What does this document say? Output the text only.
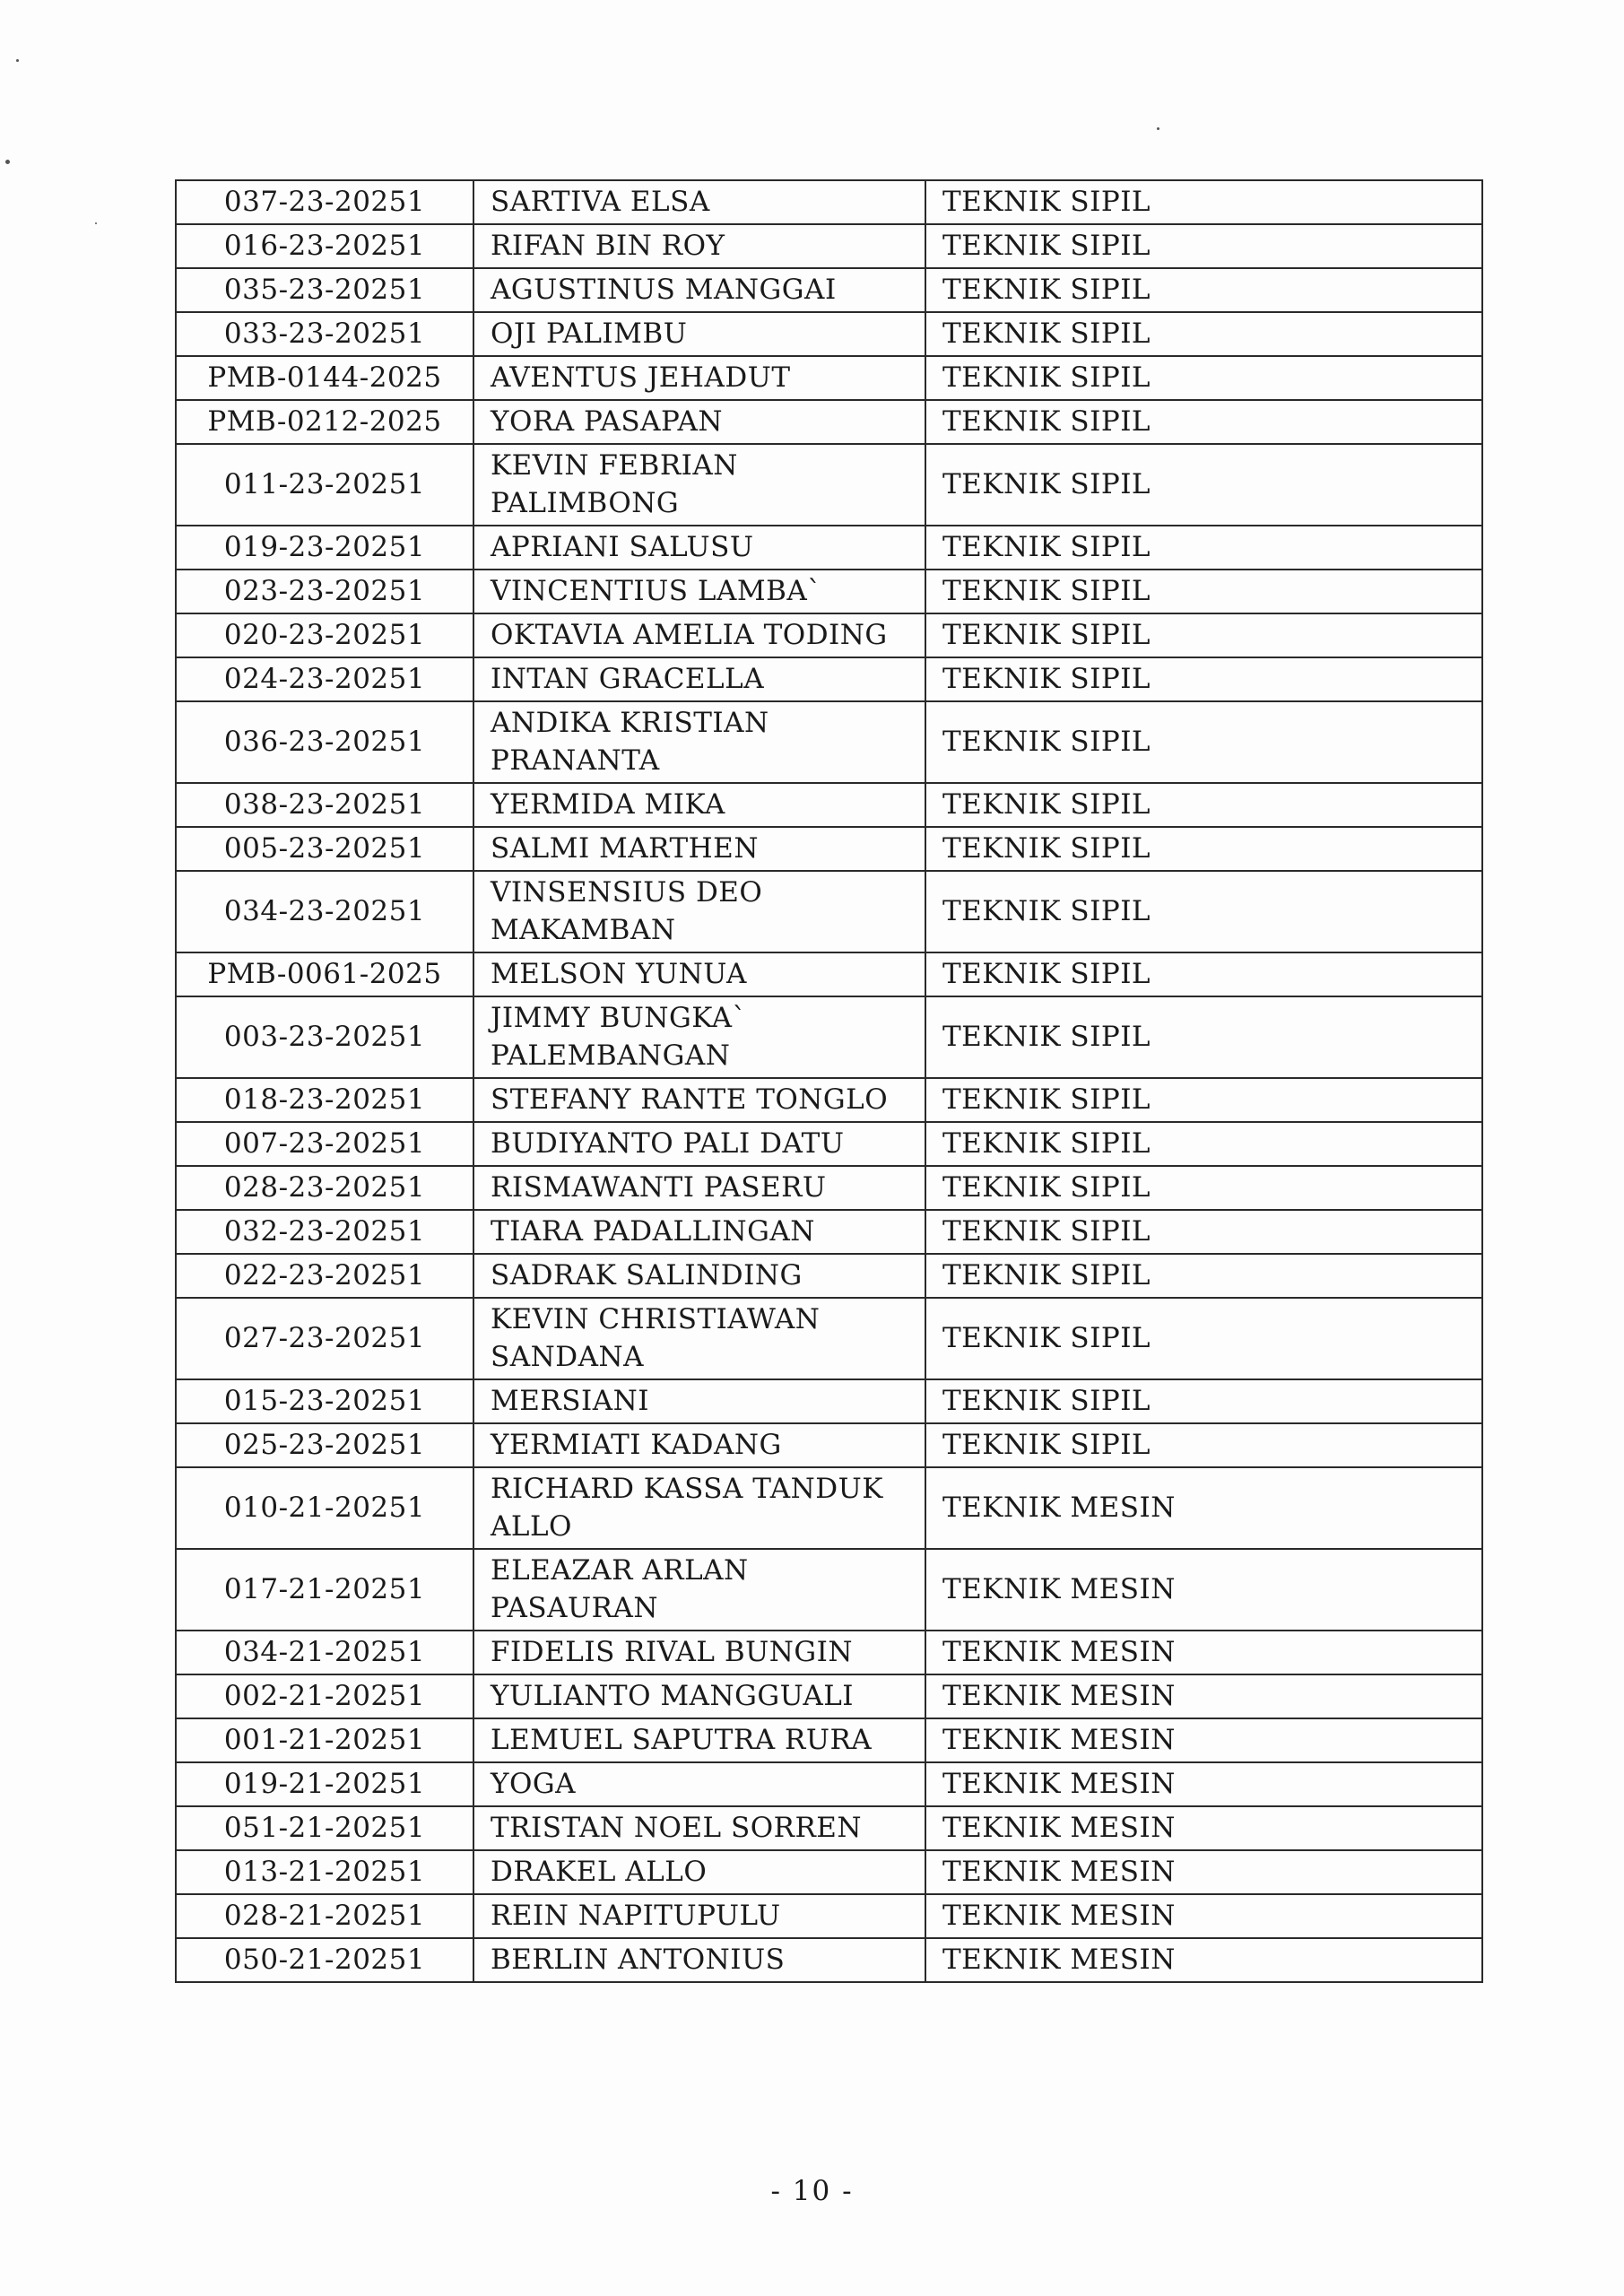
037-23-20251	SARTIVA ELSA	TEKNIK SIPIL
016-23-20251	RIFAN BIN ROY	TEKNIK SIPIL
035-23-20251	AGUSTINUS MANGGAI	TEKNIK SIPIL
033-23-20251	OJI PALIMBU	TEKNIK SIPIL
PMB-0144-2025	AVENTUS JEHADUT	TEKNIK SIPIL
PMB-0212-2025	YORA PASAPAN	TEKNIK SIPIL
011-23-20251	KEVIN FEBRIAN PALIMBONG	TEKNIK SIPIL
019-23-20251	APRIANI SALUSU	TEKNIK SIPIL
023-23-20251	VINCENTIUS LAMBA`	TEKNIK SIPIL
020-23-20251	OKTAVIA AMELIA TODING	TEKNIK SIPIL
024-23-20251	INTAN GRACELLA	TEKNIK SIPIL
036-23-20251	ANDIKA KRISTIAN PRANANTA	TEKNIK SIPIL
038-23-20251	YERMIDA MIKA	TEKNIK SIPIL
005-23-20251	SALMI MARTHEN	TEKNIK SIPIL
034-23-20251	VINSENSIUS DEO MAKAMBAN	TEKNIK SIPIL
PMB-0061-2025	MELSON YUNUA	TEKNIK SIPIL
003-23-20251	JIMMY BUNGKA` PALEMBANGAN	TEKNIK SIPIL
018-23-20251	STEFANY RANTE TONGLO	TEKNIK SIPIL
007-23-20251	BUDIYANTO PALI DATU	TEKNIK SIPIL
028-23-20251	RISMAWANTI PASERU	TEKNIK SIPIL
032-23-20251	TIARA PADALLINGAN	TEKNIK SIPIL
022-23-20251	SADRAK SALINDING	TEKNIK SIPIL
027-23-20251	KEVIN CHRISTIAWAN SANDANA	TEKNIK SIPIL
015-23-20251	MERSIANI	TEKNIK SIPIL
025-23-20251	YERMIATI KADANG	TEKNIK SIPIL
010-21-20251	RICHARD KASSA TANDUK ALLO	TEKNIK MESIN
017-21-20251	ELEAZAR ARLAN PASAURAN	TEKNIK MESIN
034-21-20251	FIDELIS RIVAL BUNGIN	TEKNIK MESIN
002-21-20251	YULIANTO MANGGUALI	TEKNIK MESIN
001-21-20251	LEMUEL SAPUTRA RURA	TEKNIK MESIN
019-21-20251	YOGA	TEKNIK MESIN
051-21-20251	TRISTAN NOEL SORREN	TEKNIK MESIN
013-21-20251	DRAKEL ALLO	TEKNIK MESIN
028-21-20251	REIN NAPITUPULU	TEKNIK MESIN
050-21-20251	BERLIN ANTONIUS	TEKNIK MESIN
- 10 -
